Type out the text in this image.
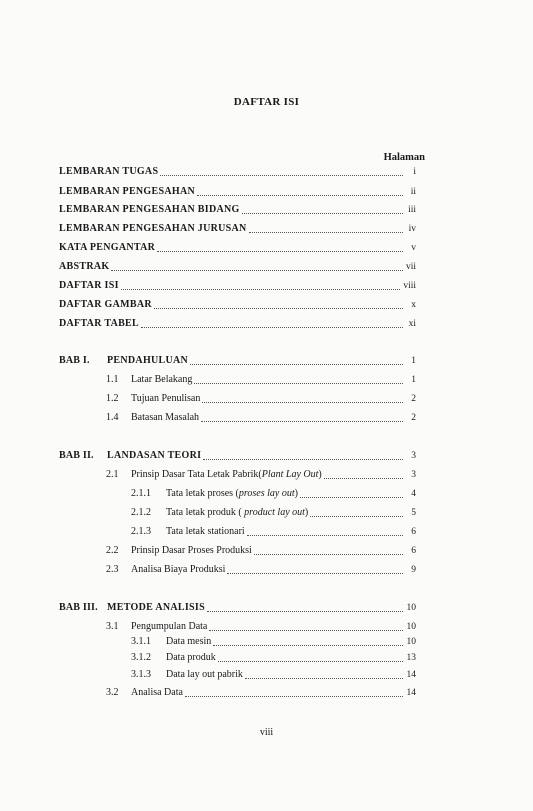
DAFTAR ISI
Halaman
LEMBARAN TUGAS	i
LEMBARAN PENGESAHAN	ii
LEMBARAN PENGESAHAN BIDANG	iii
LEMBARAN PENGESAHAN JURUSAN	iv
KATA PENGANTAR	v
ABSTRAK	vii
DAFTAR ISI	viii
DAFTAR GAMBAR	x
DAFTAR TABEL	xi
BAB I. PENDAHULUAN	1
1.1 Latar Belakang	1
1.2 Tujuan Penulisan	2
1.4 Batasan Masalah	2
BAB II. LANDASAN TEORI	3
2.1 Prinsip Dasar Tata Letak Pabrik(Plant Lay Out)	3
2.1.1 Tata letak proses (proses lay out)	4
2.1.2 Tata letak produk ( product lay out)	5
2.1.3 Tata letak stationari	6
2.2 Prinsip Dasar Proses Produksi	6
2.3 Analisa Biaya Produksi	9
BAB III. METODE ANALISIS	10
3.1 Pengumpulan Data	10
3.1.1 Data mesin	10
3.1.2 Data produk	13
3.1.3 Data lay out pabrik	14
3.2 Analisa Data	14
viii
